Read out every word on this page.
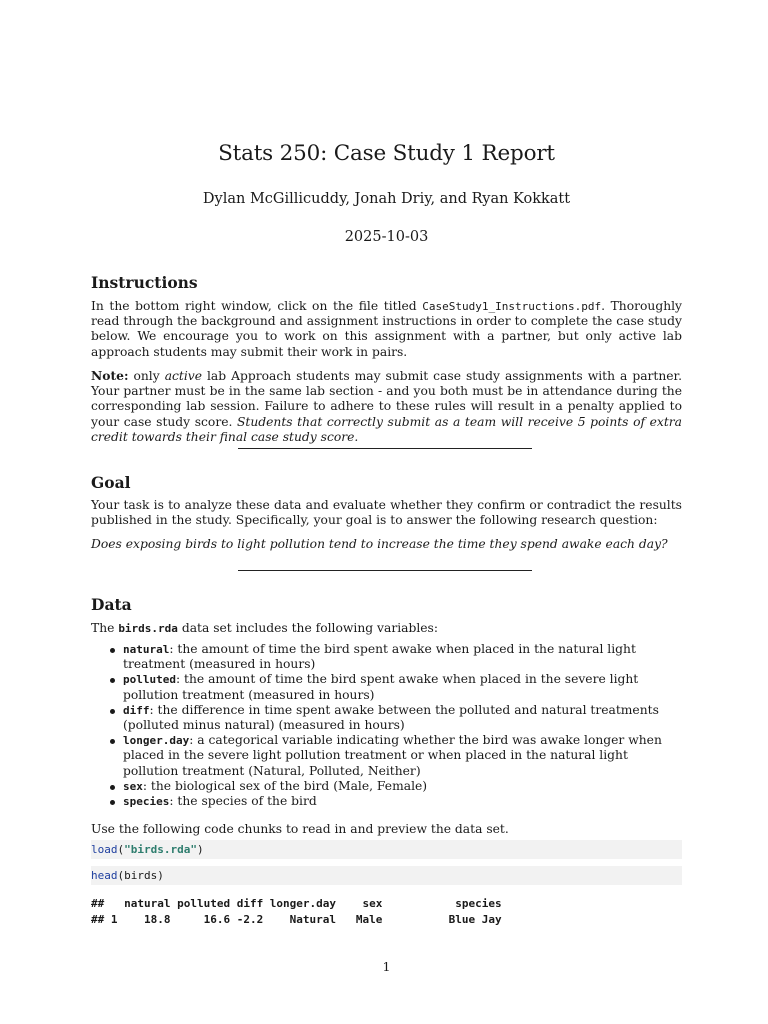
Stats 250: Case Study 1 Report
Dylan McGillicuddy, Jonah Driy, and Ryan Kokkatt
2025-10-03
Instructions

In the bottom right window, click on the file titled CaseStudy1_Instructions.pdf. Thoroughly read through the background and assignment instructions in order to complete the case study below. We encourage you to work on this assignment with a partner, but only active lab approach students may submit their work in pairs.

Note: only active lab Approach students may submit case study assignments with a partner. Your partner must be in the same lab section - and you both must be in attendance during the corresponding lab session. Failure to adhere to these rules will result in a penalty applied to your case study score. Students that correctly submit as a team will receive 5 points of extra credit towards their final case study score.

Goal

Your task is to analyze these data and evaluate whether they confirm or contradict the results published in the study. Specifically, your goal is to answer the following research question:

Does exposing birds to light pollution tend to increase the time they spend awake each day?

Data

The birds.rda data set includes the following variables:

natural: the amount of time the bird spent awake when placed in the natural light treatment (measured in hours)
polluted: the amount of time the bird spent awake when placed in the severe light pollution treatment (measured in hours)
diff: the difference in time spent awake between the polluted and natural treatments (polluted minus natural) (measured in hours)
longer.day: a categorical variable indicating whether the bird was awake longer when placed in the severe light pollution treatment or when placed in the natural light pollution treatment (Natural, Polluted, Neither)
sex: the biological sex of the bird (Male, Female)
species: the species of the bird

Use the following code chunks to read in and preview the data set.

load("birds.rda")
head(birds)
##   natural polluted diff longer.day    sex           species
## 1    18.8     16.6 -2.2    Natural   Male          Blue Jay
1
